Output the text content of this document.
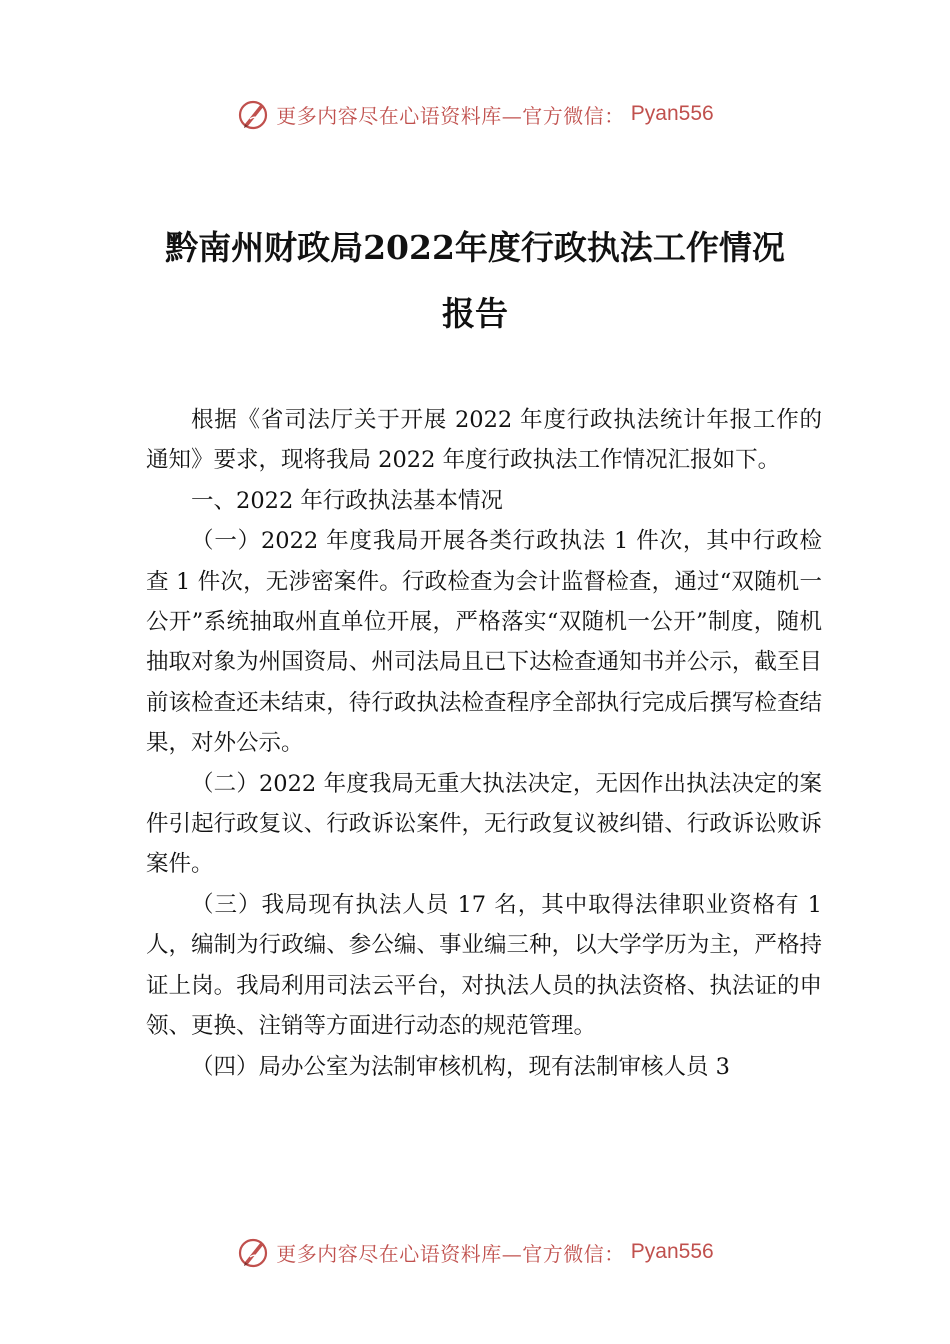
更多内容尽在心语资料库—官方微信： Pyan556
黔南州财政局2022年度行政执法工作情况
报告

根据《省司法厅关于开展 2022 年度行政执法统计年报工作的通知》要求，现将我局 2022 年度行政执法工作情况汇报如下。

一、2022 年行政执法基本情况

（一）2022 年度我局开展各类行政执法 1 件次，其中行政检查 1 件次，无涉密案件。行政检查为会计监督检查，通过“双随机一公开”系统抽取州直单位开展，严格落实“双随机一公开”制度，随机抽取对象为州国资局、州司法局且已下达检查通知书并公示，截至目前该检查还未结束，待行政执法检查程序全部执行完成后撰写检查结果，对外公示。

（二）2022 年度我局无重大执法决定，无因作出执法决定的案件引起行政复议、行政诉讼案件，无行政复议被纠错、行政诉讼败诉案件。

（三）我局现有执法人员 17 名，其中取得法律职业资格有 1 人，编制为行政编、参公编、事业编三种，以大学学历为主，严格持证上岗。我局利用司法云平台，对执法人员的执法资格、执法证的申领、更换、注销等方面进行动态的规范管理。

（四）局办公室为法制审核机构，现有法制审核人员 3

更多内容尽在心语资料库—官方微信： Pyan556
